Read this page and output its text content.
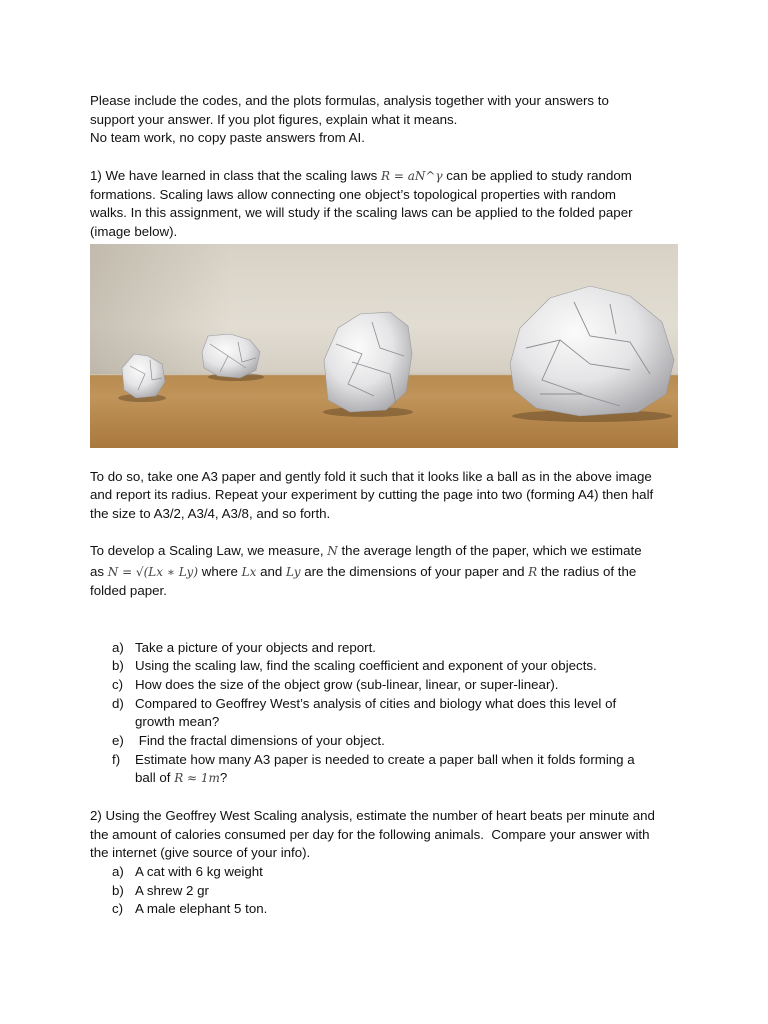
Please include the codes, and the plots formulas, analysis together with your answers to

support your answer. If you plot figures, explain what it means.

No team work, no copy paste answers from AI.

1) We have learned in class that the scaling laws R = aN^γ can be applied to study random

formations. Scaling laws allow connecting one object’s topological properties with random

walks. In this assignment, we will study if the scaling laws can be applied to the folded paper

(image below).

To do so, take one A3 paper and gently fold it such that it looks like a ball as in the above image

and report its radius. Repeat your experiment by cutting the page into two (forming A4) then half

the size to A3/2, A3/4, A3/8, and so forth.

To develop a Scaling Law, we measure, N the average length of the paper, which we estimate

as N = √(Lx ∗ Ly) where Lx and Ly are the dimensions of your paper and R the radius of the

folded paper.

a) Take a picture of your objects and report.
b) Using the scaling law, find the scaling coefficient and exponent of your objects.
c) How does the size of the object grow (sub-linear, linear, or super-linear).
d) Compared to Geoffrey West’s analysis of cities and biology what does this level of
growth mean?
e) Find the fractal dimensions of your object.
f) Estimate how many A3 paper is needed to create a paper ball when it folds forming a
ball of R ≈ 1m?

2) Using the Geoffrey West Scaling analysis, estimate the number of heart beats per minute and

the amount of calories consumed per day for the following animals.  Compare your answer with

the internet (give source of your info).

a) A cat with 6 kg weight
b) A shrew 2 gr
c) A male elephant 5 ton.
